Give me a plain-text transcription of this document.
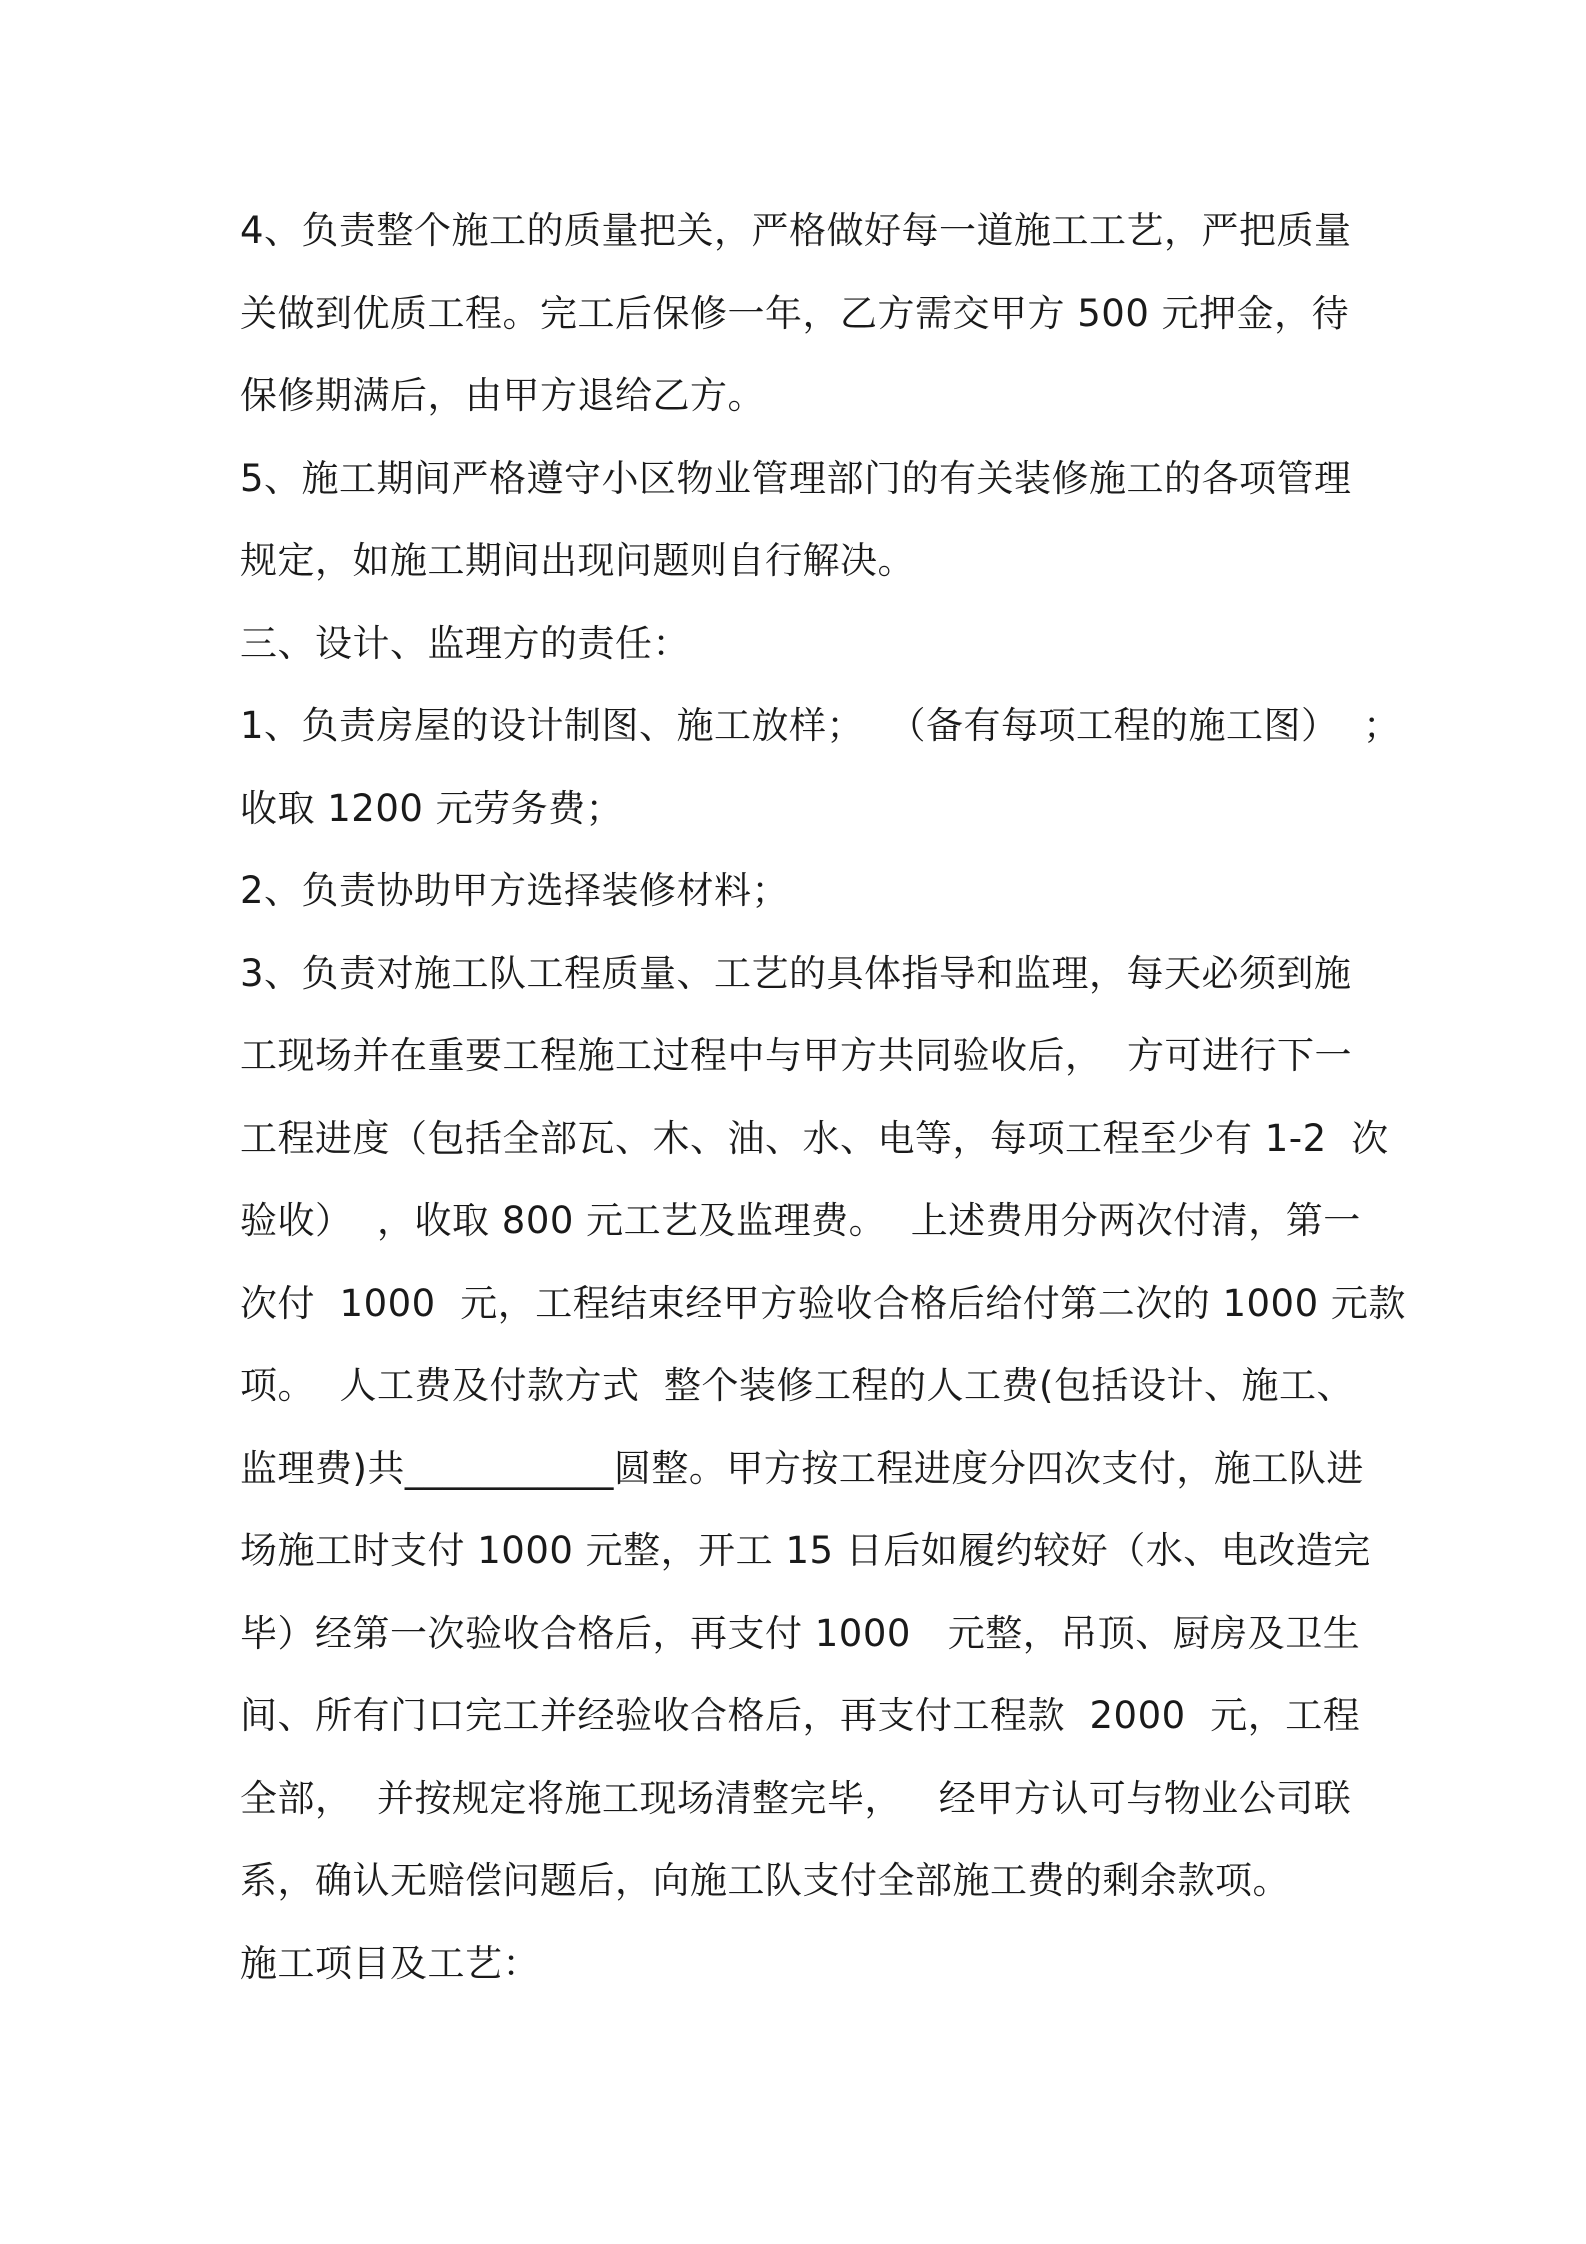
4、负责整个施工的质量把关，严格做好每一道施工工艺，严把质量
关做到优质工程。完工后保修一年，乙方需交甲方 500 元押金，待
保修期满后，由甲方退给乙方。
5、施工期间严格遵守小区物业管理部门的有关装修施工的各项管理
规定，如施工期间出现问题则自行解决。
三、设计、监理方的责任：
1、负责房屋的设计制图、施工放样；  （备有每项工程的施工图）  ；
收取 1200 元劳务费；
2、负责协助甲方选择装修材料；
3、负责对施工队工程质量、工艺的具体指导和监理，每天必须到施
工现场并在重要工程施工过程中与甲方共同验收后，  方可进行下一
工程进度（包括全部瓦、木、油、水、电等，每项工程至少有 1-2  次
验收）  ，收取 800 元工艺及监理费。  上述费用分两次付清，第一
次付  1000  元，工程结束经甲方验收合格后给付第二次的 1000 元款
项。  人工费及付款方式  整个装修工程的人工费(包括设计、施工、
监理费)共___________圆整。甲方按工程进度分四次支付，施工队进
场施工时支付 1000 元整，开工 15 日后如履约较好（水、电改造完
毕）经第一次验收合格后，再支付 1000   元整，吊顶、厨房及卫生
间、所有门口完工并经验收合格后，再支付工程款  2000  元，工程
全部，  并按规定将施工现场清整完毕，   经甲方认可与物业公司联
系，确认无赔偿问题后，向施工队支付全部施工费的剩余款项。
施工项目及工艺：
